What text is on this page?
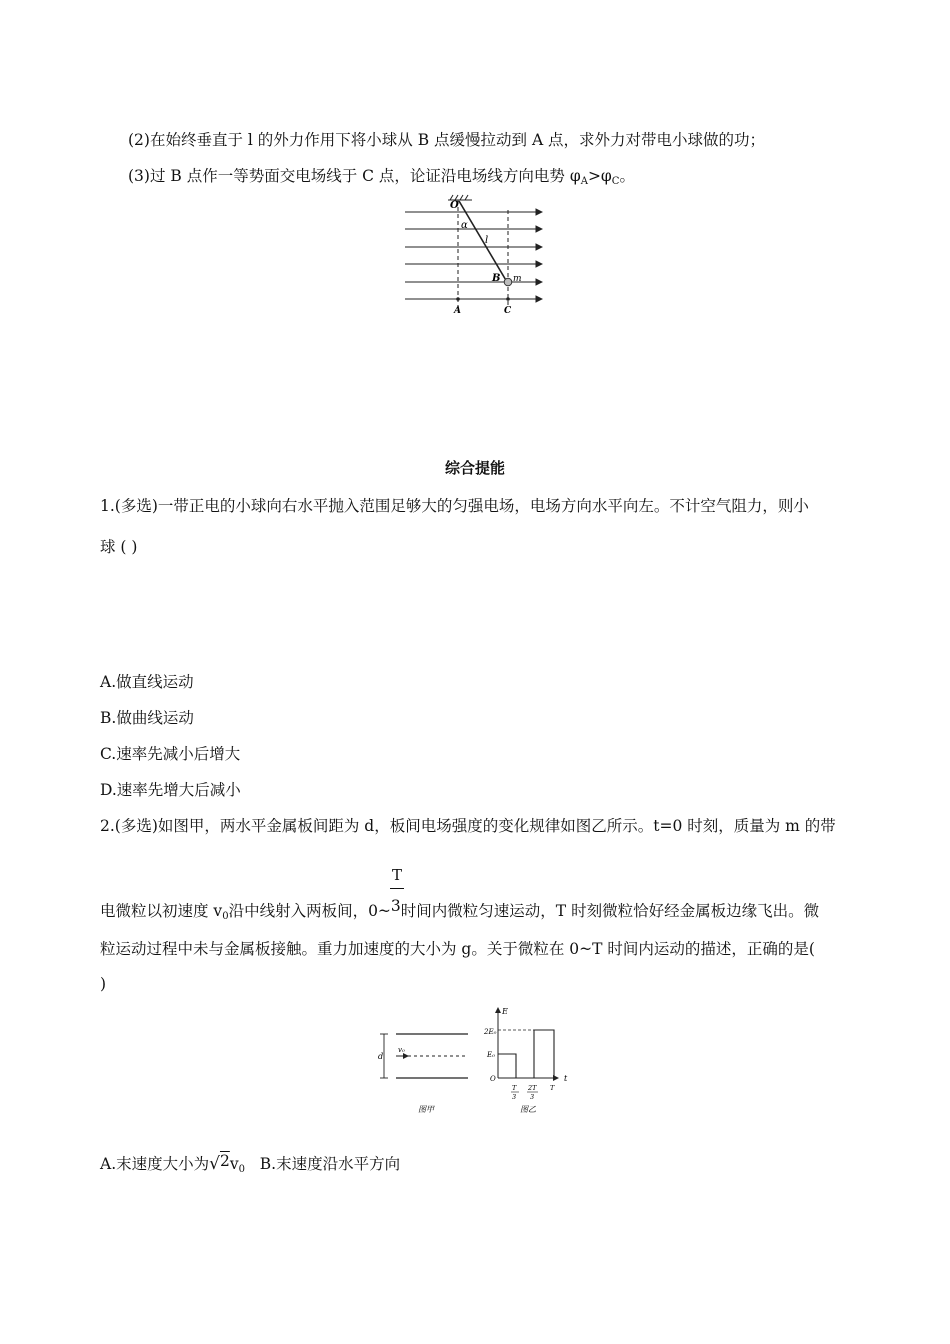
(2)在始终垂直于 l 的外力作用下将小球从 B 点缓慢拉动到 A 点，求外力对带电小球做的功；
(3)过 B 点作一等势面交电场线于 C 点，论证沿电场线方向电势 $\varphi_A>\varphi_C$。
O
α
l
B m
A	C
综合提能
1.(多选)一带正电的小球向右水平抛入范围足够大的匀强电场，电场方向水平向左。不计空气阻力，则小
球 ( )
A.做直线运动
B.做曲线运动
C.速率先减小后增大
D.速率先增大后减小
2.(多选)如图甲，两水平金属板间距为 d，板间电场强度的变化规律如图乙所示。t=0 时刻，质量为 m 的带
T
电微粒以初速度 $v_0$沿中线射入两板间，0~3时间内微粒匀速运动，T 时刻微粒恰好经金属板边缘飞出。微
粒运动过程中未与金属板接触。重力加速度的大小为 g。关于微粒在 0~T 时间内运动的描述，正确的是(
)
d
v₀
图甲
E
t
2E₀
E₀
O
T
3
2T
3
T
图乙
A.末速度大小为$√2v_0$ B.末速度沿水平方向
